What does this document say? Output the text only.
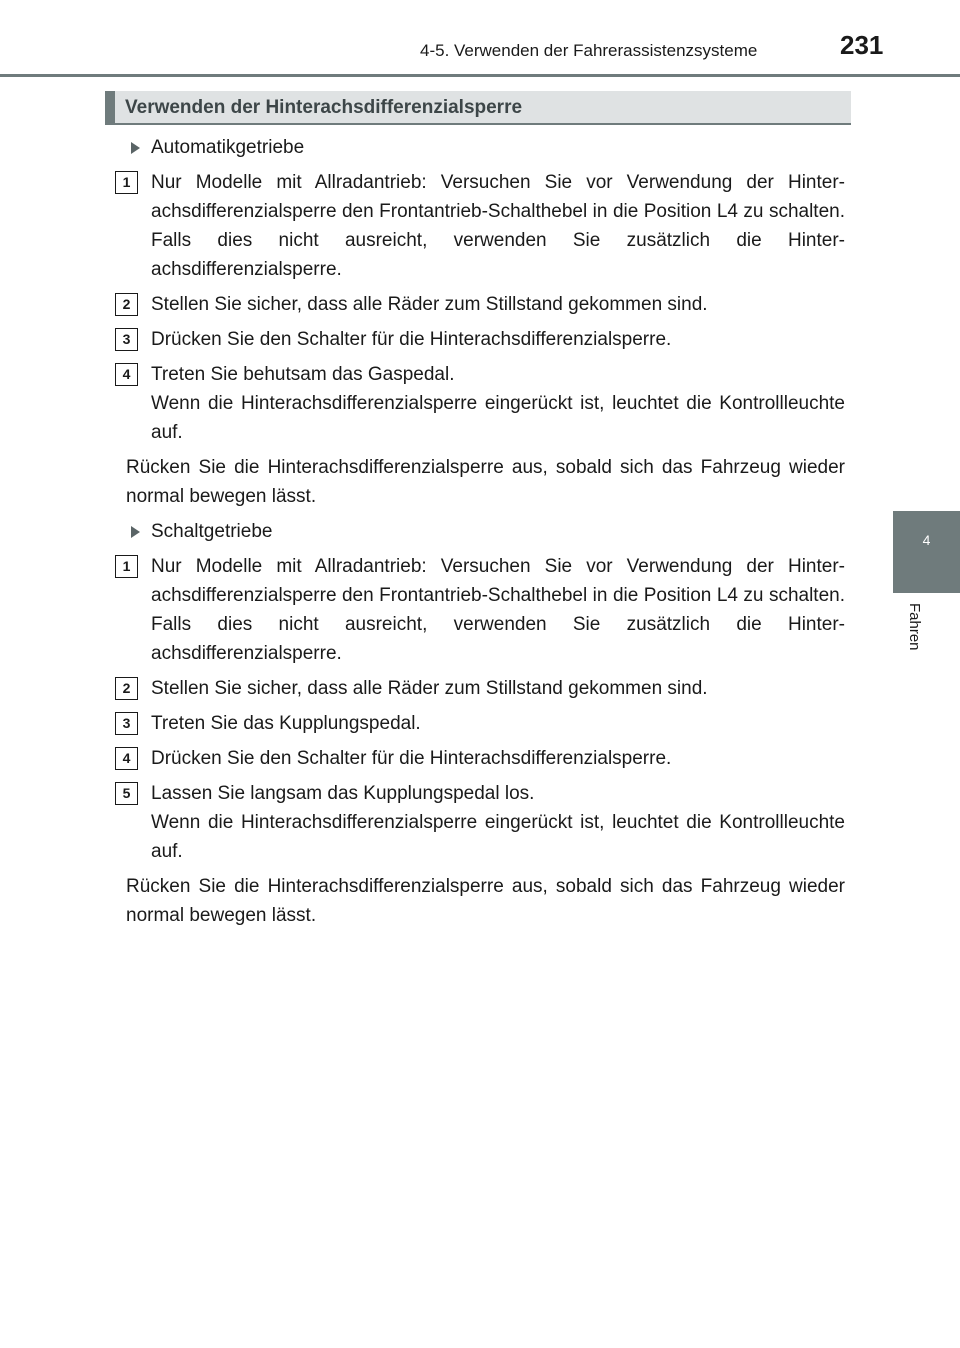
4-5. Verwenden der Fahrerassistenzsysteme	231
4
Fahren
Verwenden der Hinterachsdifferenzialsperre
Automatikgetriebe
1	Nur Modelle mit Allradantrieb: Versuchen Sie vor Verwendung der Hinterachsdifferenzialsperre den Frontantrieb-Schalthebel in die Position L4 zu schalten. Falls dies nicht ausreicht, verwenden Sie zusätzlich die Hinterachsdifferenzialsperre.
2	Stellen Sie sicher, dass alle Räder zum Stillstand gekommen sind.
3	Drücken Sie den Schalter für die Hinterachsdifferenzialsperre.
4	Treten Sie behutsam das Gaspedal.
Wenn die Hinterachsdifferenzialsperre eingerückt ist, leuchtet die Kontrollleuchte auf.
Rücken Sie die Hinterachsdifferenzialsperre aus, sobald sich das Fahrzeug wieder normal bewegen lässt.
Schaltgetriebe
1	Nur Modelle mit Allradantrieb: Versuchen Sie vor Verwendung der Hinterachsdifferenzialsperre den Frontantrieb-Schalthebel in die Position L4 zu schalten. Falls dies nicht ausreicht, verwenden Sie zusätzlich die Hinterachsdifferenzialsperre.
2	Stellen Sie sicher, dass alle Räder zum Stillstand gekommen sind.
3	Treten Sie das Kupplungspedal.
4	Drücken Sie den Schalter für die Hinterachsdifferenzialsperre.
5	Lassen Sie langsam das Kupplungspedal los.
Wenn die Hinterachsdifferenzialsperre eingerückt ist, leuchtet die Kontrollleuchte auf.
Rücken Sie die Hinterachsdifferenzialsperre aus, sobald sich das Fahrzeug wieder normal bewegen lässt.
